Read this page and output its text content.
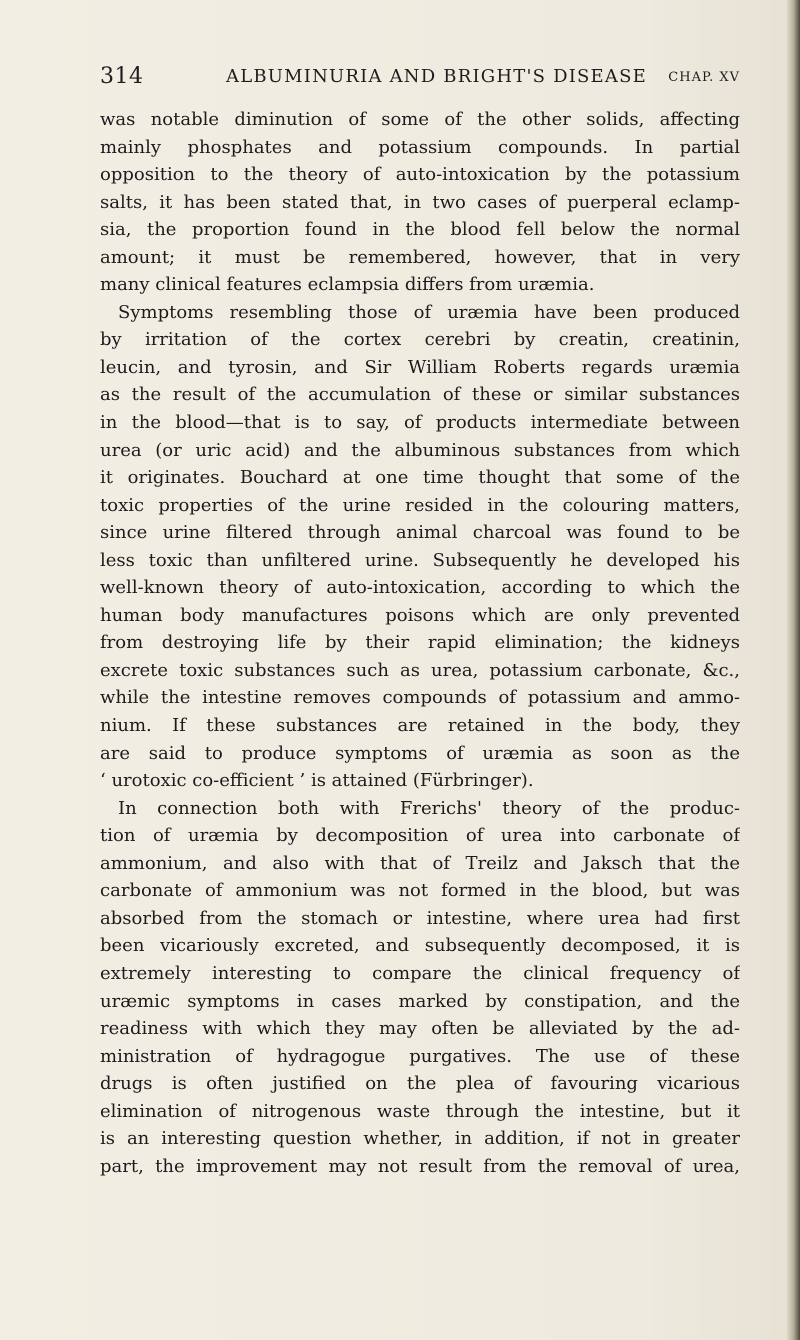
314	ALBUMINURIA AND BRIGHT'S DISEASE CHAP. XV
was notable diminution of some of the other solids, affecting
mainly phosphates and potassium compounds. In partial
opposition to the theory of auto-intoxication by the potassium
salts, it has been stated that, in two cases of puerperal eclamp-
sia, the proportion found in the blood fell below the normal
amount; it must be remembered, however, that in very
many clinical features eclampsia differs from uræmia.
Symptoms resembling those of uræmia have been produced
by irritation of the cortex cerebri by creatin, creatinin,
leucin, and tyrosin, and Sir William Roberts regards uræmia
as the result of the accumulation of these or similar substances
in the blood—that is to say, of products intermediate between
urea (or uric acid) and the albuminous substances from which
it originates. Bouchard at one time thought that some of the
toxic properties of the urine resided in the colouring matters,
since urine filtered through animal charcoal was found to be
less toxic than unfiltered urine. Subsequently he developed his
well-known theory of auto-intoxication, according to which the
human body manufactures poisons which are only prevented
from destroying life by their rapid elimination; the kidneys
excrete toxic substances such as urea, potassium carbonate, &c.,
while the intestine removes compounds of potassium and ammo-
nium. If these substances are retained in the body, they
are said to produce symptoms of uræmia as soon as the
‘ urotoxic co-efficient ’ is attained (Fürbringer).
In connection both with Frerichs' theory of the produc-
tion of uræmia by decomposition of urea into carbonate of
ammonium, and also with that of Treilz and Jaksch that the
carbonate of ammonium was not formed in the blood, but was
absorbed from the stomach or intestine, where urea had first
been vicariously excreted, and subsequently decomposed, it is
extremely interesting to compare the clinical frequency of
uræmic symptoms in cases marked by constipation, and the
readiness with which they may often be alleviated by the ad-
ministration of hydragogue purgatives. The use of these
drugs is often justified on the plea of favouring vicarious
elimination of nitrogenous waste through the intestine, but it
is an interesting question whether, in addition, if not in greater
part, the improvement may not result from the removal of urea,
